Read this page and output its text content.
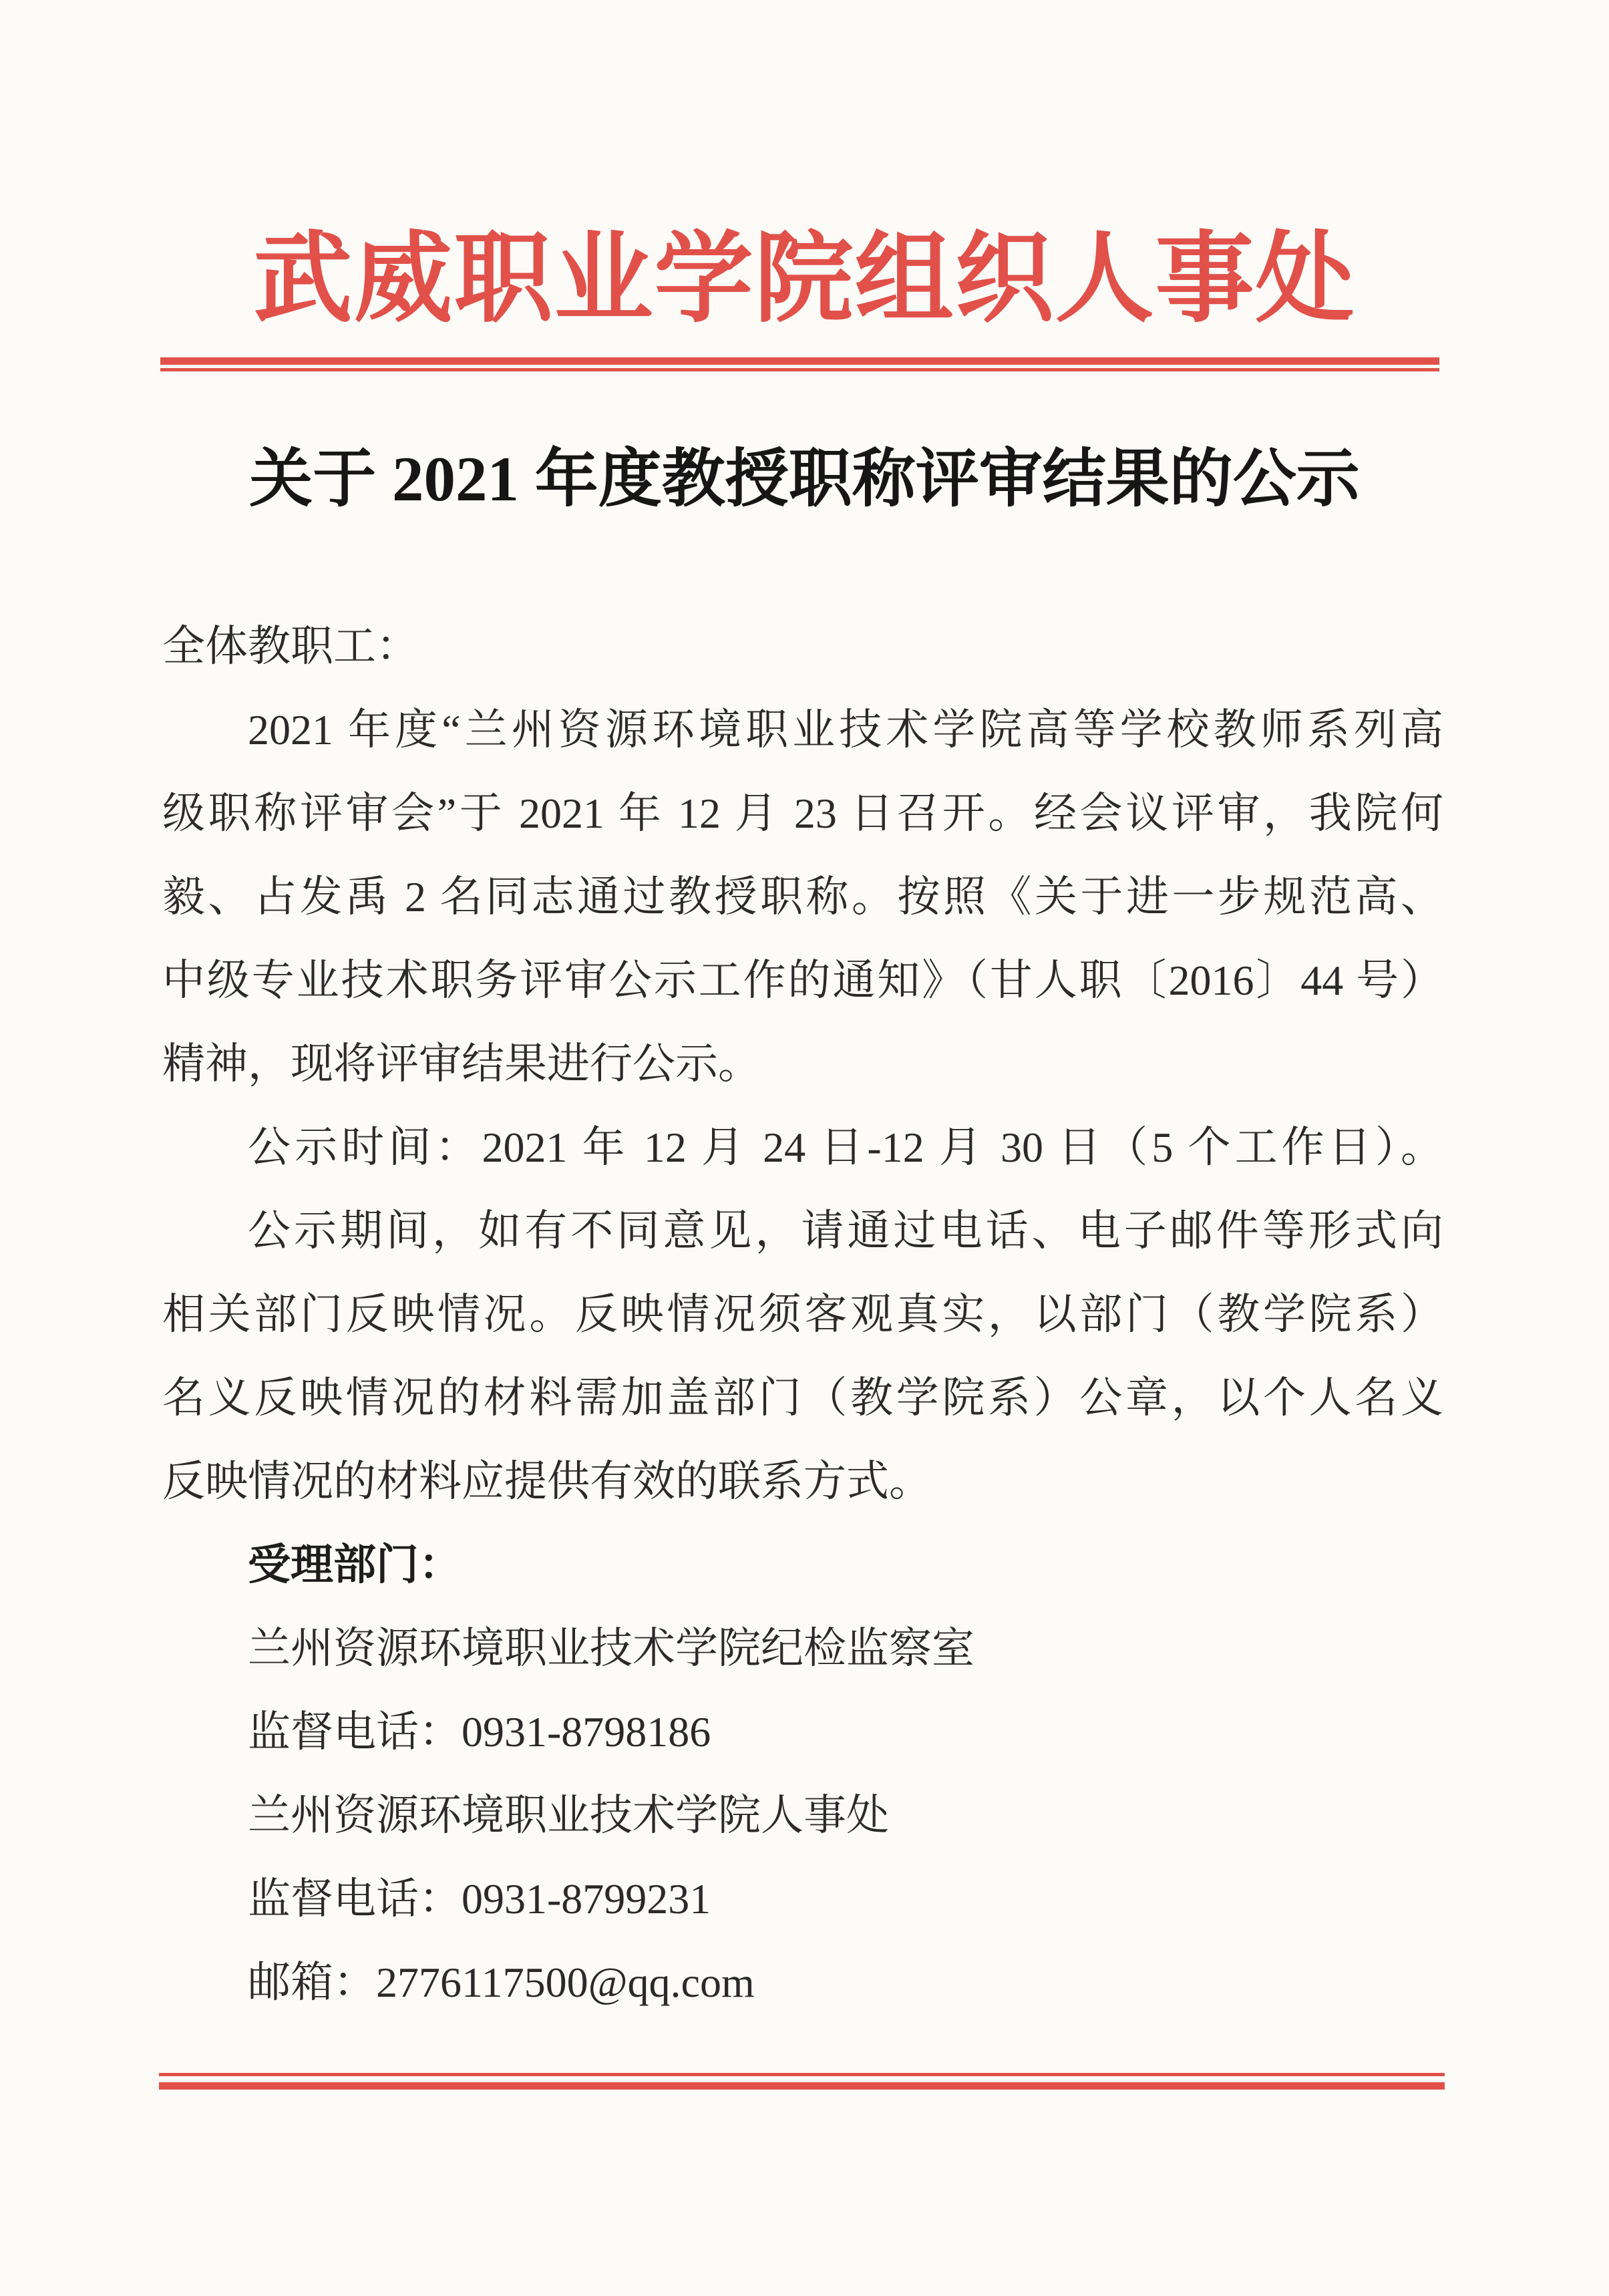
武威职业学院组织人事处
关于 2021 年度教授职称评审结果的公示
全体教职工：
2021 年度“兰州资源环境职业技术学院高等学校教师系列高
级职称评审会”于 2021 年 12 月 23 日召开。经会议评审，我院何
毅、占发禹 2 名同志通过教授职称。按照《关于进一步规范高、
中级专业技术职务评审公示工作的通知》（甘人职〔2016〕44 号）
精神，现将评审结果进行公示。
公示时间：2021 年 12 月 24 日-12 月 30 日（5 个工作日）。
公示期间，如有不同意见，请通过电话、电子邮件等形式向
相关部门反映情况。反映情况须客观真实，以部门（教学院系）
名义反映情况的材料需加盖部门（教学院系）公章，以个人名义
反映情况的材料应提供有效的联系方式。
受理部门：
兰州资源环境职业技术学院纪检监察室
监督电话：0931-8798186
兰州资源环境职业技术学院人事处
监督电话：0931-8799231
邮箱：2776117500@qq.com
